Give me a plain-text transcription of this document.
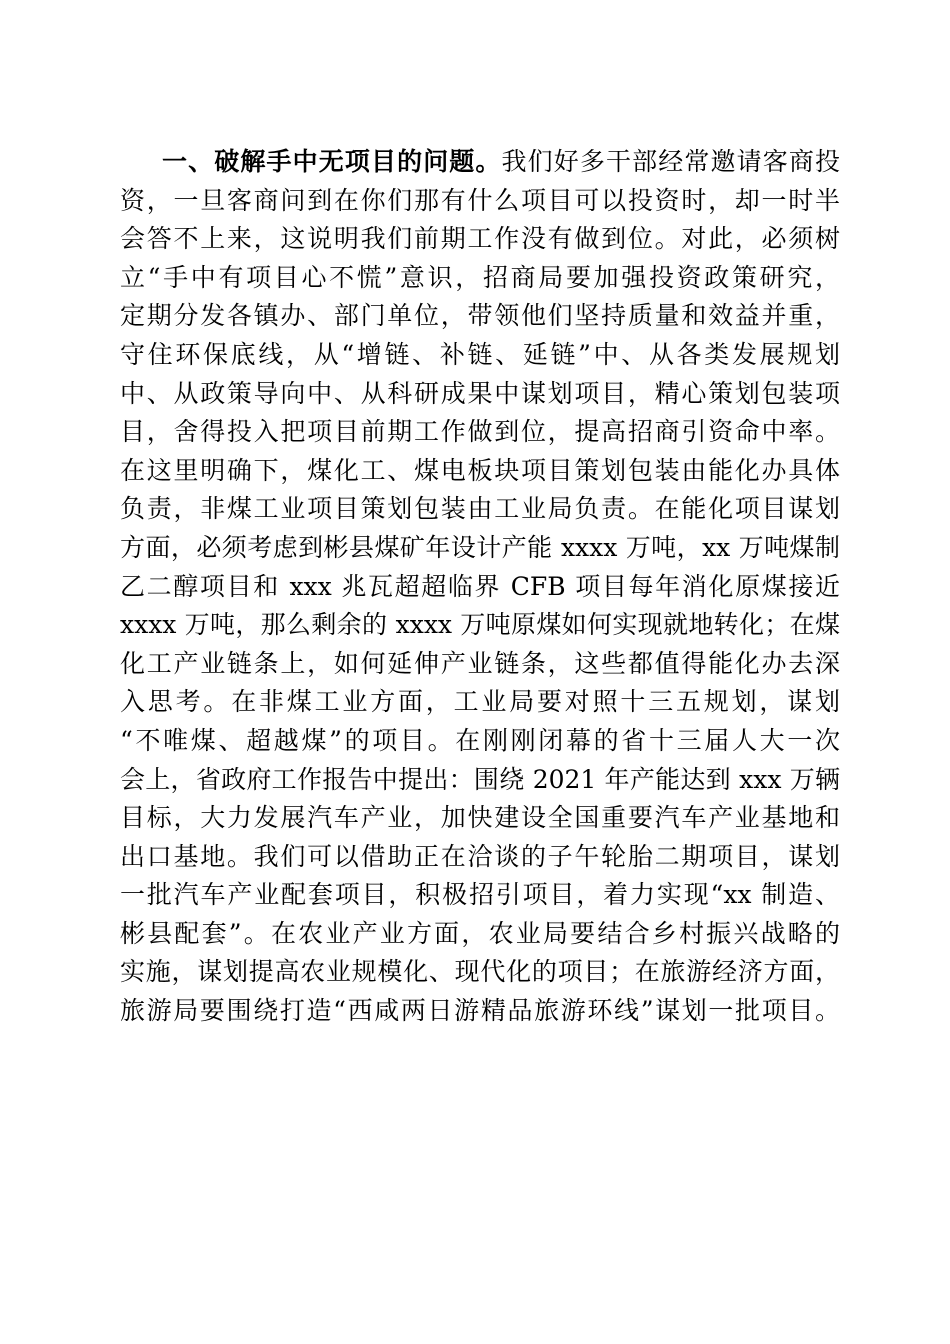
一、破解手中无项目的问题。我们好多干部经常邀请客商投
资，一旦客商问到在你们那有什么项目可以投资时，却一时半
会答不上来，这说明我们前期工作没有做到位。对此，必须树
立“手中有项目心不慌”意识，招商局要加强投资政策研究，
定期分发各镇办、部门单位，带领他们坚持质量和效益并重，
守住环保底线，从“增链、补链、延链”中、从各类发展规划
中、从政策导向中、从科研成果中谋划项目，精心策划包装项
目，舍得投入把项目前期工作做到位，提高招商引资命中率。
在这里明确下，煤化工、煤电板块项目策划包装由能化办具体
负责，非煤工业项目策划包装由工业局负责。在能化项目谋划
方面，必须考虑到彬县煤矿年设计产能 xxxx 万吨，xx 万吨煤制
乙二醇项目和 xxx 兆瓦超超临界 CFB 项目每年消化原煤接近
xxxx 万吨，那么剩余的 xxxx 万吨原煤如何实现就地转化；在煤
化工产业链条上，如何延伸产业链条，这些都值得能化办去深
入思考。在非煤工业方面，工业局要对照十三五规划，谋划
“不唯煤、超越煤”的项目。在刚刚闭幕的省十三届人大一次
会上，省政府工作报告中提出：围绕 2021 年产能达到 xxx 万辆
目标，大力发展汽车产业，加快建设全国重要汽车产业基地和
出口基地。我们可以借助正在洽谈的子午轮胎二期项目，谋划
一批汽车产业配套项目，积极招引项目，着力实现“xx 制造、
彬县配套”。在农业产业方面，农业局要结合乡村振兴战略的
实施，谋划提高农业规模化、现代化的项目；在旅游经济方面，
旅游局要围绕打造“西咸两日游精品旅游环线”谋划一批项目。
